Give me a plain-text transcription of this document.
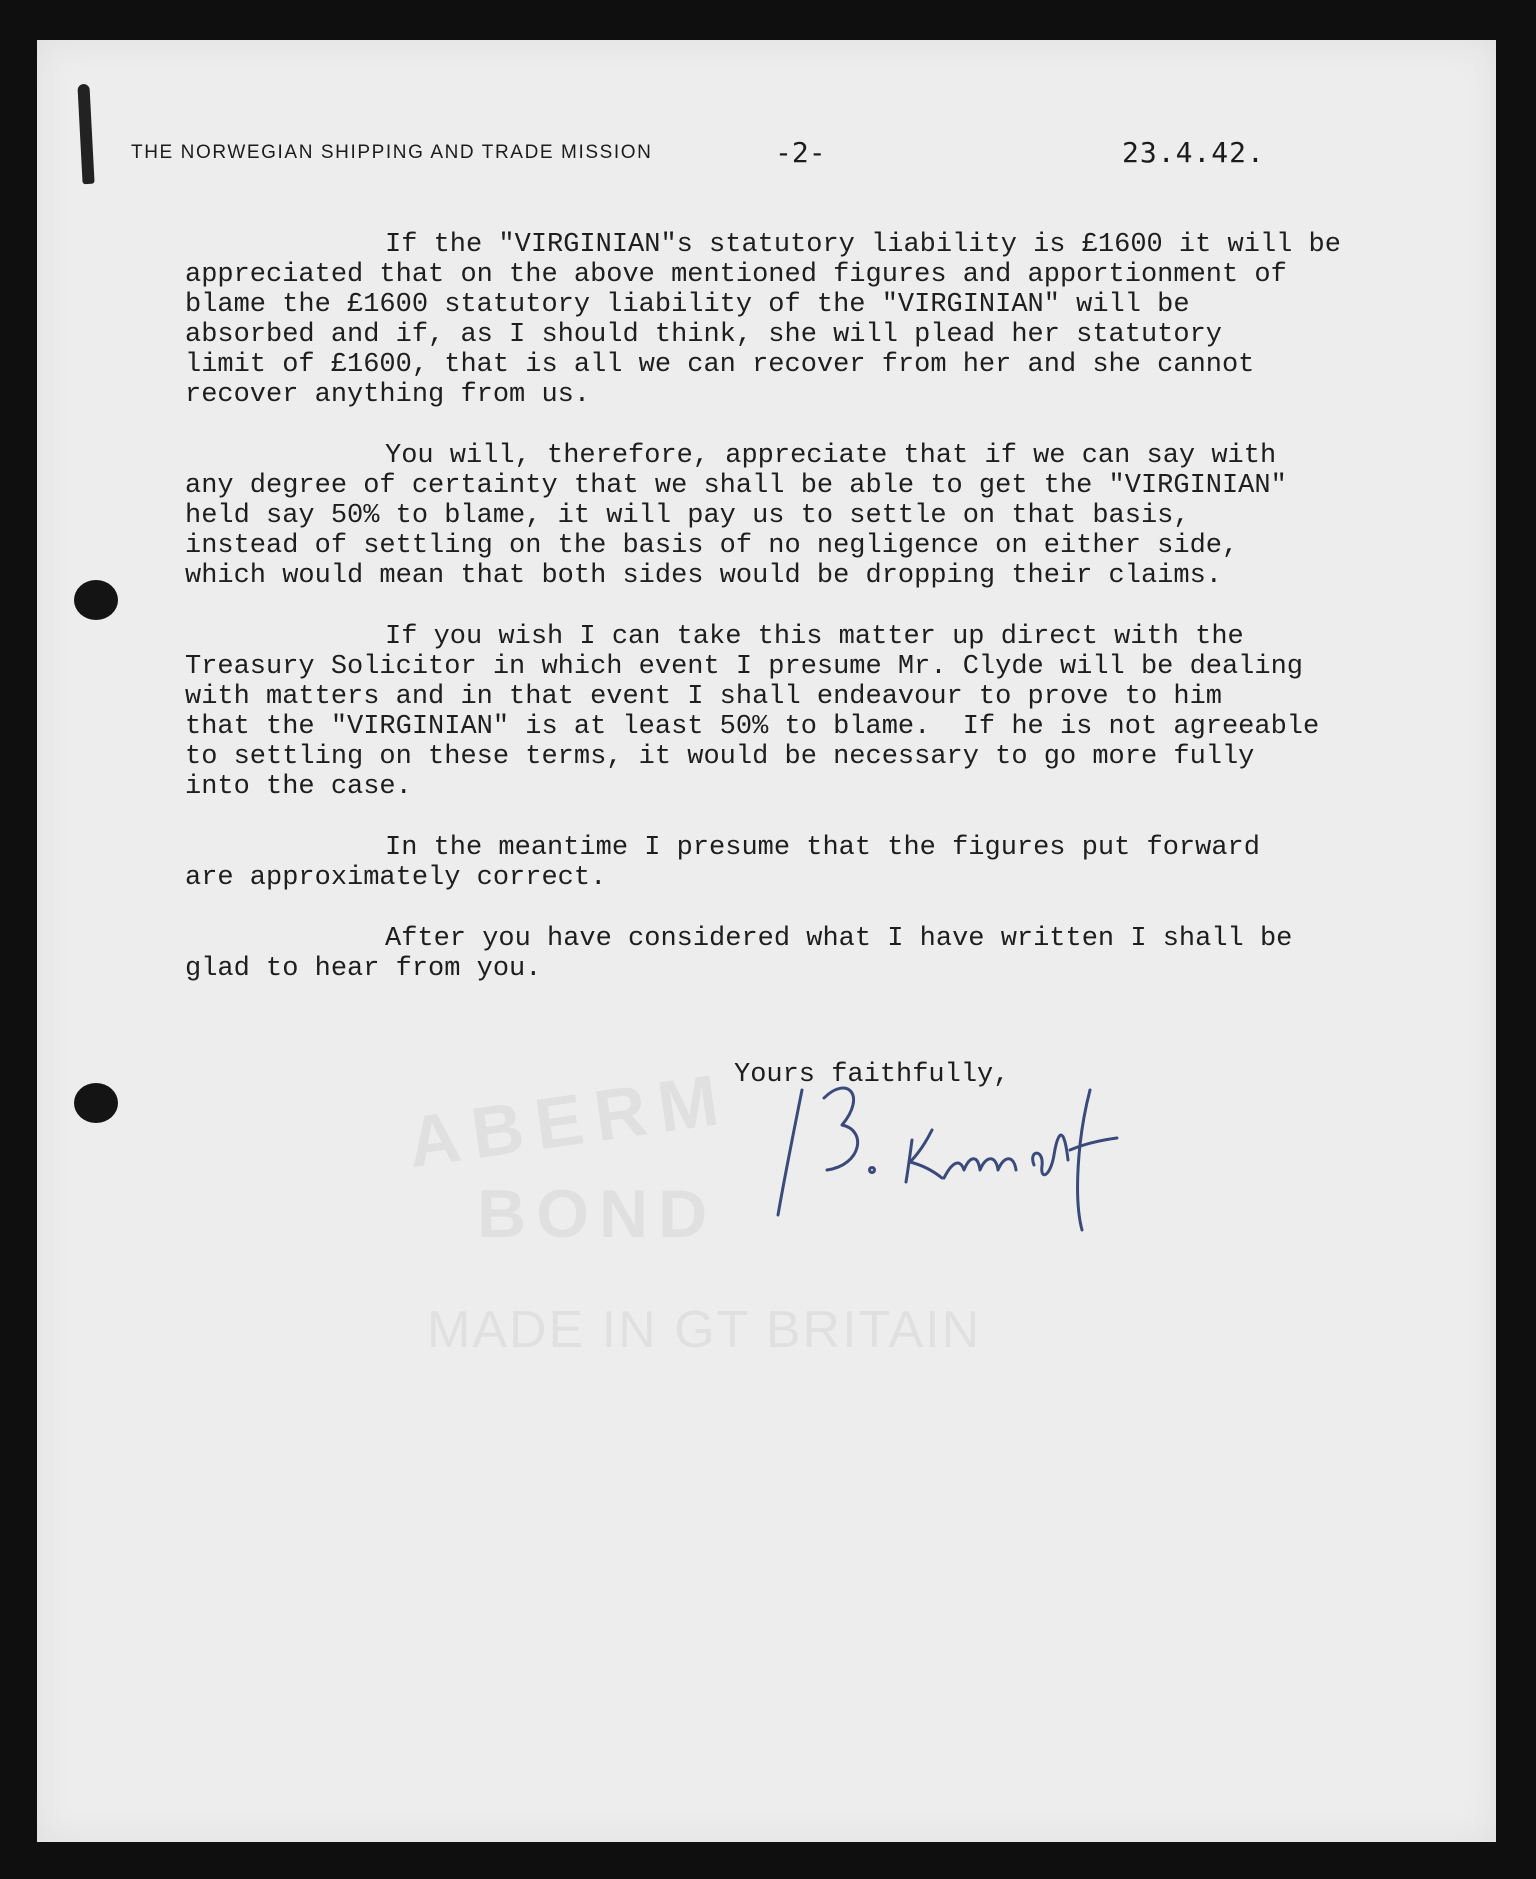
ABERM
BOND
MADE IN GT BRITAIN
THE NORWEGIAN SHIPPING AND TRADE MISSION	-2-	23.4.42.
If the "VIRGINIAN"s statutory liability is £1600 it will be
appreciated that on the above mentioned figures and apportionment of
blame the £1600 statutory liability of the "VIRGINIAN" will be
absorbed and if, as I should think, she will plead her statutory
limit of £1600, that is all we can recover from her and she cannot
recover anything from us.
You will, therefore, appreciate that if we can say with
any degree of certainty that we shall be able to get the "VIRGINIAN"
held say 50% to blame, it will pay us to settle on that basis,
instead of settling on the basis of no negligence on either side,
which would mean that both sides would be dropping their claims.
If you wish I can take this matter up direct with the
Treasury Solicitor in which event I presume Mr. Clyde will be dealing
with matters and in that event I shall endeavour to prove to him
that the "VIRGINIAN" is at least 50% to blame.  If he is not agreeable
to settling on these terms, it would be necessary to go more fully
into the case.
In the meantime I presume that the figures put forward
are approximately correct.
After you have considered what I have written I shall be
glad to hear from you.
Yours faithfully,
